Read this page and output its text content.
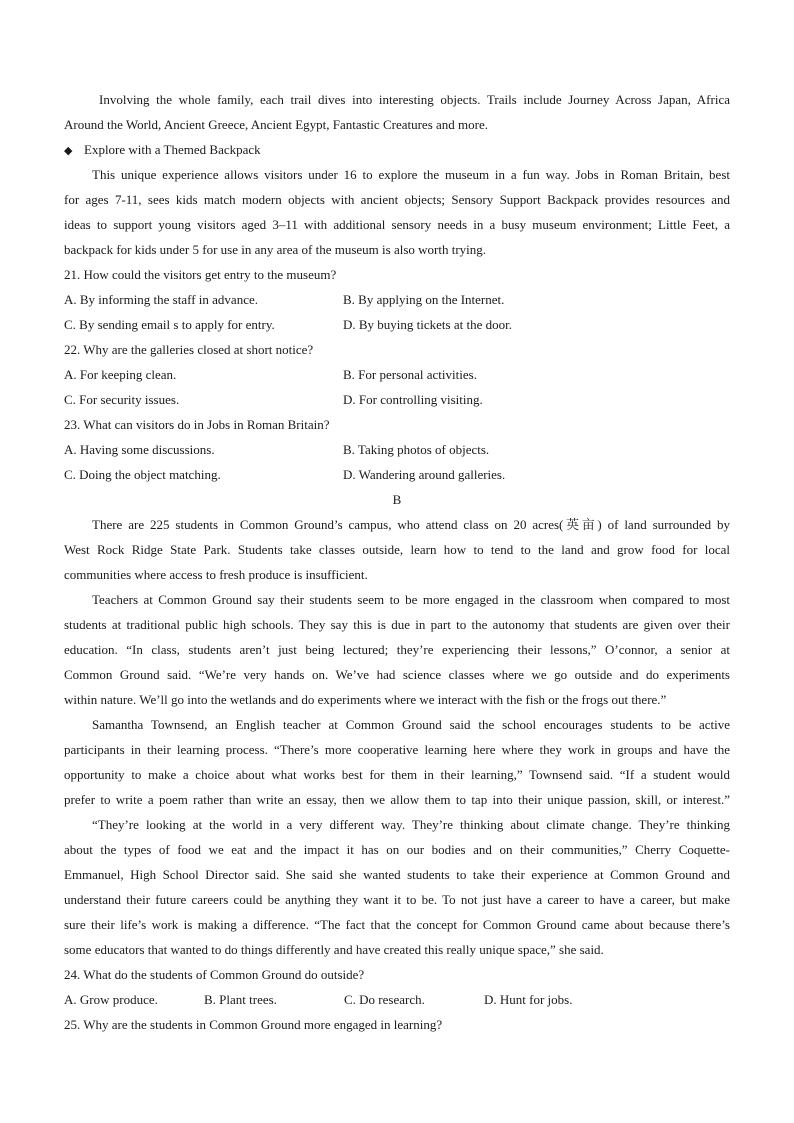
Involving the whole family, each trail dives into interesting objects. Trails include Journey Across Japan, Africa
Around the World, Ancient Greece, Ancient Egypt, Fantastic Creatures and more.
◆ Explore with a Themed Backpack
This unique experience allows visitors under 16 to explore the museum in a fun way. Jobs in Roman Britain, best
for ages 7-11, sees kids match modern objects with ancient objects; Sensory Support Backpack provides resources and
ideas to support young visitors aged 3–11 with additional sensory needs in a busy museum environment; Little Feet, a
backpack for kids under 5 for use in any area of the museum is also worth trying.
21. How could the visitors get entry to the museum?
A. By informing the staff in advance.	B. By applying on the Internet.
C. By sending email s to apply for entry.	D. By buying tickets at the door.
22. Why are the galleries closed at short notice?
A. For keeping clean.	B. For personal activities.
C. For security issues.	D. For controlling visiting.
23. What can visitors do in Jobs in Roman Britain?
A. Having some discussions.	B. Taking photos of objects.
C. Doing the object matching.	D. Wandering around galleries.
B
There are 225 students in Common Ground’s campus, who attend class on 20 acres(英亩) of land surrounded by
West Rock Ridge State Park. Students take classes outside, learn how to tend to the land and grow food for local
communities where access to fresh produce is insufficient.
Teachers at Common Ground say their students seem to be more engaged in the classroom when compared to most
students at traditional public high schools. They say this is due in part to the autonomy that students are given over their
education. “In class, students aren’t just being lectured; they’re experiencing their lessons,” O’connor, a senior at
Common Ground said. “We’re very hands on. We’ve had science classes where we go outside and do experiments
within nature. We’ll go into the wetlands and do experiments where we interact with the fish or the frogs out there.”
Samantha Townsend, an English teacher at Common Ground said the school encourages students to be active
participants in their learning process. “There’s more cooperative learning here where they work in groups and have the
opportunity to make a choice about what works best for them in their learning,” Townsend said. “If a student would
prefer to write a poem rather than write an essay, then we allow them to tap into their unique passion, skill, or interest.”
“They’re looking at the world in a very different way. They’re thinking about climate change. They’re thinking
about the types of food we eat and the impact it has on our bodies and on their communities,” Cherry Coquette-
Emmanuel, High School Director said. She said she wanted students to take their experience at Common Ground and
understand their future careers could be anything they want it to be. To not just have a career to have a career, but make
sure their life’s work is making a difference. “The fact that the concept for Common Ground came about because there’s
some educators that wanted to do things differently and have created this really unique space,” she said.
24. What do the students of Common Ground do outside?
A. Grow produce.	B. Plant trees.	C. Do research.	D. Hunt for jobs.
25. Why are the students in Common Ground more engaged in learning?
